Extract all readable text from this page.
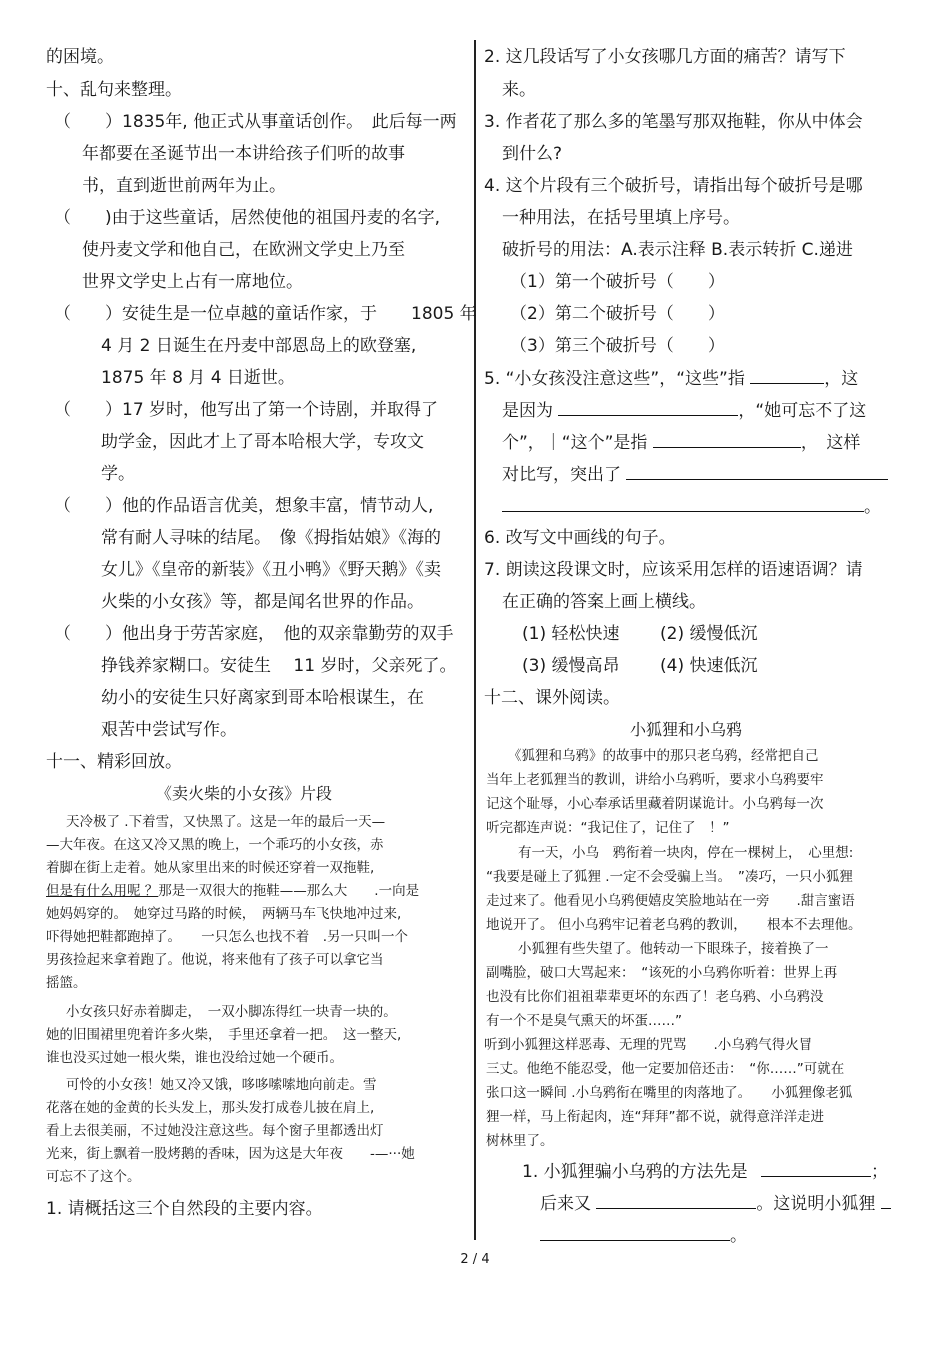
的困境。
十、乱句来整理。
（　　）1835年, 他正式从事童话创作。　此后每一两
年都要在圣诞节出一本讲给孩子们听的故事
书，直到逝世前两年为止。
（　　)由于这些童话，居然使他的祖国丹麦的名字,
使丹麦文学和他自己，在欧洲文学史上乃至
世界文学史上占有一席地位。
（　　）安徒生是一位卓越的童话作家，于　　1805 年
4 月 2 日诞生在丹麦中部恩岛上的欧登塞,
1875 年 8 月 4 日逝世。
（　　）17 岁时，他写出了第一个诗剧，并取得了
助学金，因此才上了哥本哈根大学，专攻文
学。
（　　）他的作品语言优美，想象丰富，情节动人,
常有耐人寻味的结尾。　像《拇指姑娘》《海的
女儿》《皇帝的新装》《丑小鸭》《野天鹅》《卖
火柴的小女孩》等，都是闻名世界的作品。
（　　）他出身于劳苦家庭，　他的双亲靠勤劳的双手
挣钱养家糊口。安徒生　 11 岁时，父亲死了。
幼小的安徒生只好离家到哥本哈根谋生，在
艰苦中尝试写作。
十一、精彩回放。
《卖火柴的小女孩》片段
天冷极了 .下着雪，又快黑了。这是一年的最后一天—
—大年夜。在这又冷又黑的晚上，一个乖巧的小女孩，赤
着脚在街上走着。她从家里出来的时候还穿着一双拖鞋,
但是有什么用呢 ？那是一双很大的拖鞋——那么大　　.一向是
她妈妈穿的。　她穿过马路的时候，　两辆马车飞快地冲过来,
吓得她把鞋都跑掉了。　　一只怎么也找不着　.另一只叫一个
男孩捡起来拿着跑了。他说，将来他有了孩子可以拿它当
摇篮。
小女孩只好赤着脚走，　一双小脚冻得红一块青一块的。
她的旧围裙里兜着许多火柴，　手里还拿着一把。　这一整天,
谁也没买过她一根火柴，谁也没给过她一个硬币。
可怜的小女孩！她又冷又饿，哆哆嗦嗦地向前走。雪
花落在她的金黄的长头发上，那头发打成卷儿披在肩上,
看上去很美丽，不过她没注意这些。每个窗子里都透出灯
光来，街上飘着一股烤鹅的香味，因为这是大年夜　　-—···她
可忘不了这个。
1. 请概括这三个自然段的主要内容。
2. 这几段话写了小女孩哪几方面的痛苦？请写下
来。
3. 作者花了那么多的笔墨写那双拖鞋，你从中体会
到什么?
4. 这个片段有三个破折号，请指出每个破折号是哪
一种用法，在括号里填上序号。
破折号的用法：A.表示注释 B.表示转折 C.递进
（1）第一个破折号（　　）
（2）第二个破折号（　　）
（3）第三个破折号（　　）
5. “小女孩没注意这些”，“这些”指	，这
是因为	，“她可忘不了这
个”，｜“这个”是指	，　这样
对比写，突出了
。
6. 改写文中画线的句子。
7. 朗读这段课文时，应该采用怎样的语速语调？请
在正确的答案上画上横线。
(1) 轻松快速 (2) 缓慢低沉
(3) 缓慢高昂 (4) 快速低沉
十二、课外阅读。
小狐狸和小乌鸦
《狐狸和乌鸦》的故事中的那只老乌鸦，经常把自己
当年上老狐狸当的教训，讲给小乌鸦听，要求小乌鸦要牢
记这个耻辱，小心奉承话里藏着阴谋诡计。小乌鸦每一次
听完都连声说：“我记住了，记住了　！”
有一天，小乌　鸦衔着一块肉，停在一棵树上，　心里想:
“我要是碰上了狐狸 .一定不会受骗上当。　”凑巧，一只小狐狸
走过来了。他看见小乌鸦便嬉皮笑脸地站在一旁　　.甜言蜜语
地说开了。 但小乌鸦牢记着老乌鸦的教训，　　根本不去理他。
小狐狸有些失望了。他转动一下眼珠子，接着换了一
副嘴脸，破口大骂起来：　“该死的小乌鸦你听着：世界上再
也没有比你们祖祖辈辈更坏的东西了！老乌鸦、小乌鸦没
有一个不是臭气熏天的坏蛋……”
听到小狐狸这样恶毒、无理的咒骂　　.小乌鸦气得火冒
三丈。他绝不能忍受，他一定要加倍还击：　“你……”可就在
张口这一瞬间 .小乌鸦衔在嘴里的肉落地了。　　小狐狸像老狐
狸一样，马上衔起肉，连“拜拜”都不说，就得意洋洋走进
树林里了。
1. 小狐狸骗小乌鸦的方法先是	；
后来又	。这说明小狐狸
。
2 / 4
